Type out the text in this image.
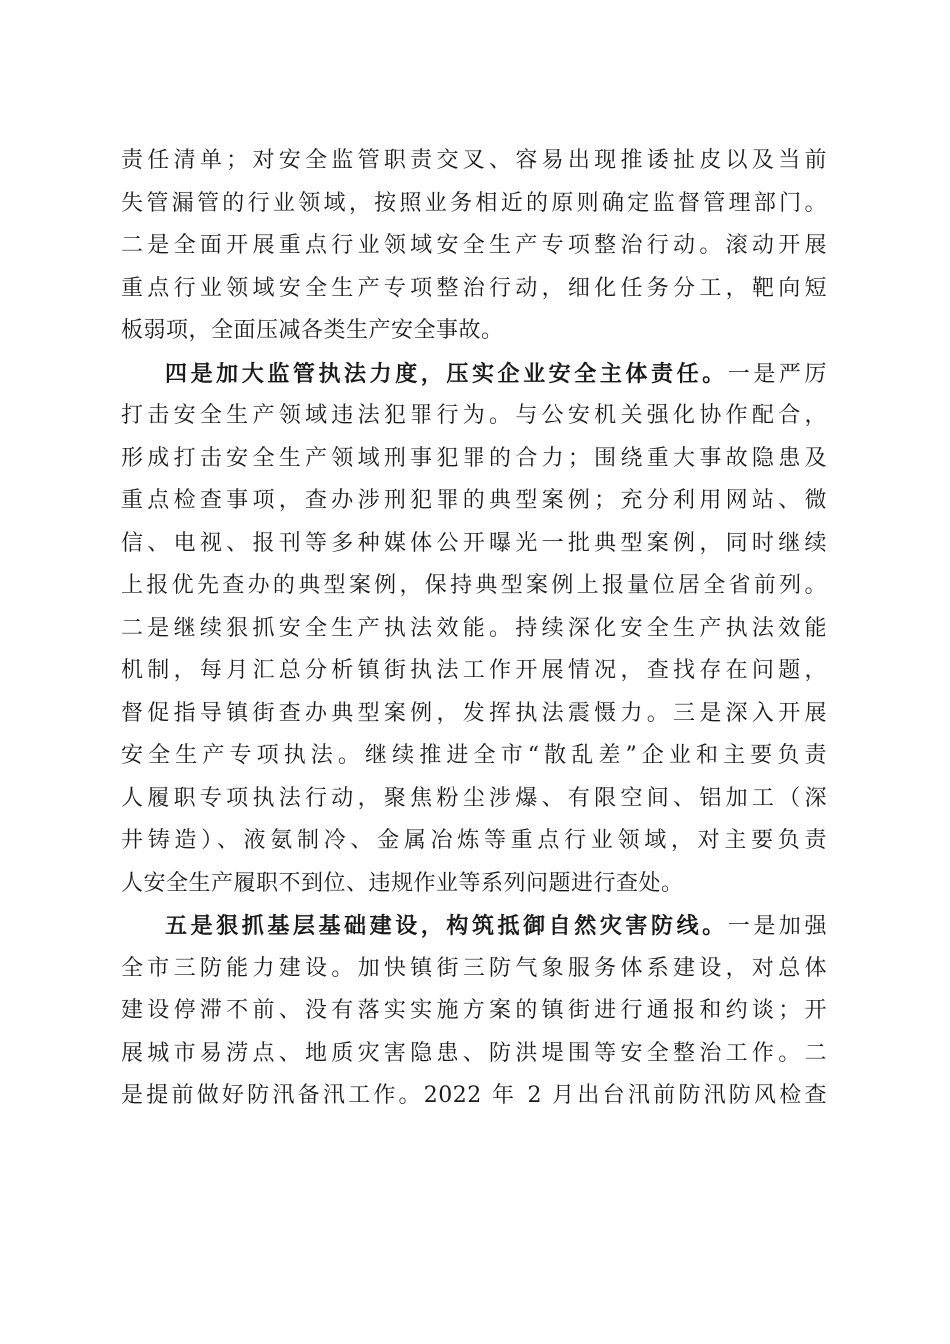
责任清单；对安全监管职责交叉、容易出现推诿扯皮以及当前
失管漏管的行业领域，按照业务相近的原则确定监督管理部门。
二是全面开展重点行业领域安全生产专项整治行动。滚动开展
重点行业领域安全生产专项整治行动，细化任务分工，靶向短
板弱项，全面压减各类生产安全事故。
四是加大监管执法力度，压实企业安全主体责任。一是严厉
打击安全生产领域违法犯罪行为。与公安机关强化协作配合，
形成打击安全生产领域刑事犯罪的合力；围绕重大事故隐患及
重点检查事项，查办涉刑犯罪的典型案例；充分利用网站、微
信、电视、报刊等多种媒体公开曝光一批典型案例，同时继续
上报优先查办的典型案例，保持典型案例上报量位居全省前列。
二是继续狠抓安全生产执法效能。持续深化安全生产执法效能
机制，每月汇总分析镇街执法工作开展情况，查找存在问题，
督促指导镇街查办典型案例，发挥执法震慑力。三是深入开展
安全生产专项执法。继续推进全市“散乱差”企业和主要负责
人履职专项执法行动，聚焦粉尘涉爆、有限空间、铝加工（深
井铸造）、液氨制冷、金属冶炼等重点行业领域，对主要负责
人安全生产履职不到位、违规作业等系列问题进行查处。
五是狠抓基层基础建设，构筑抵御自然灾害防线。一是加强
全市三防能力建设。加快镇街三防气象服务体系建设，对总体
建设停滞不前、没有落实实施方案的镇街进行通报和约谈；开
展城市易涝点、地质灾害隐患、防洪堤围等安全整治工作。二
是提前做好防汛备汛工作。2022 年 2 月出台汛前防汛防风检查
